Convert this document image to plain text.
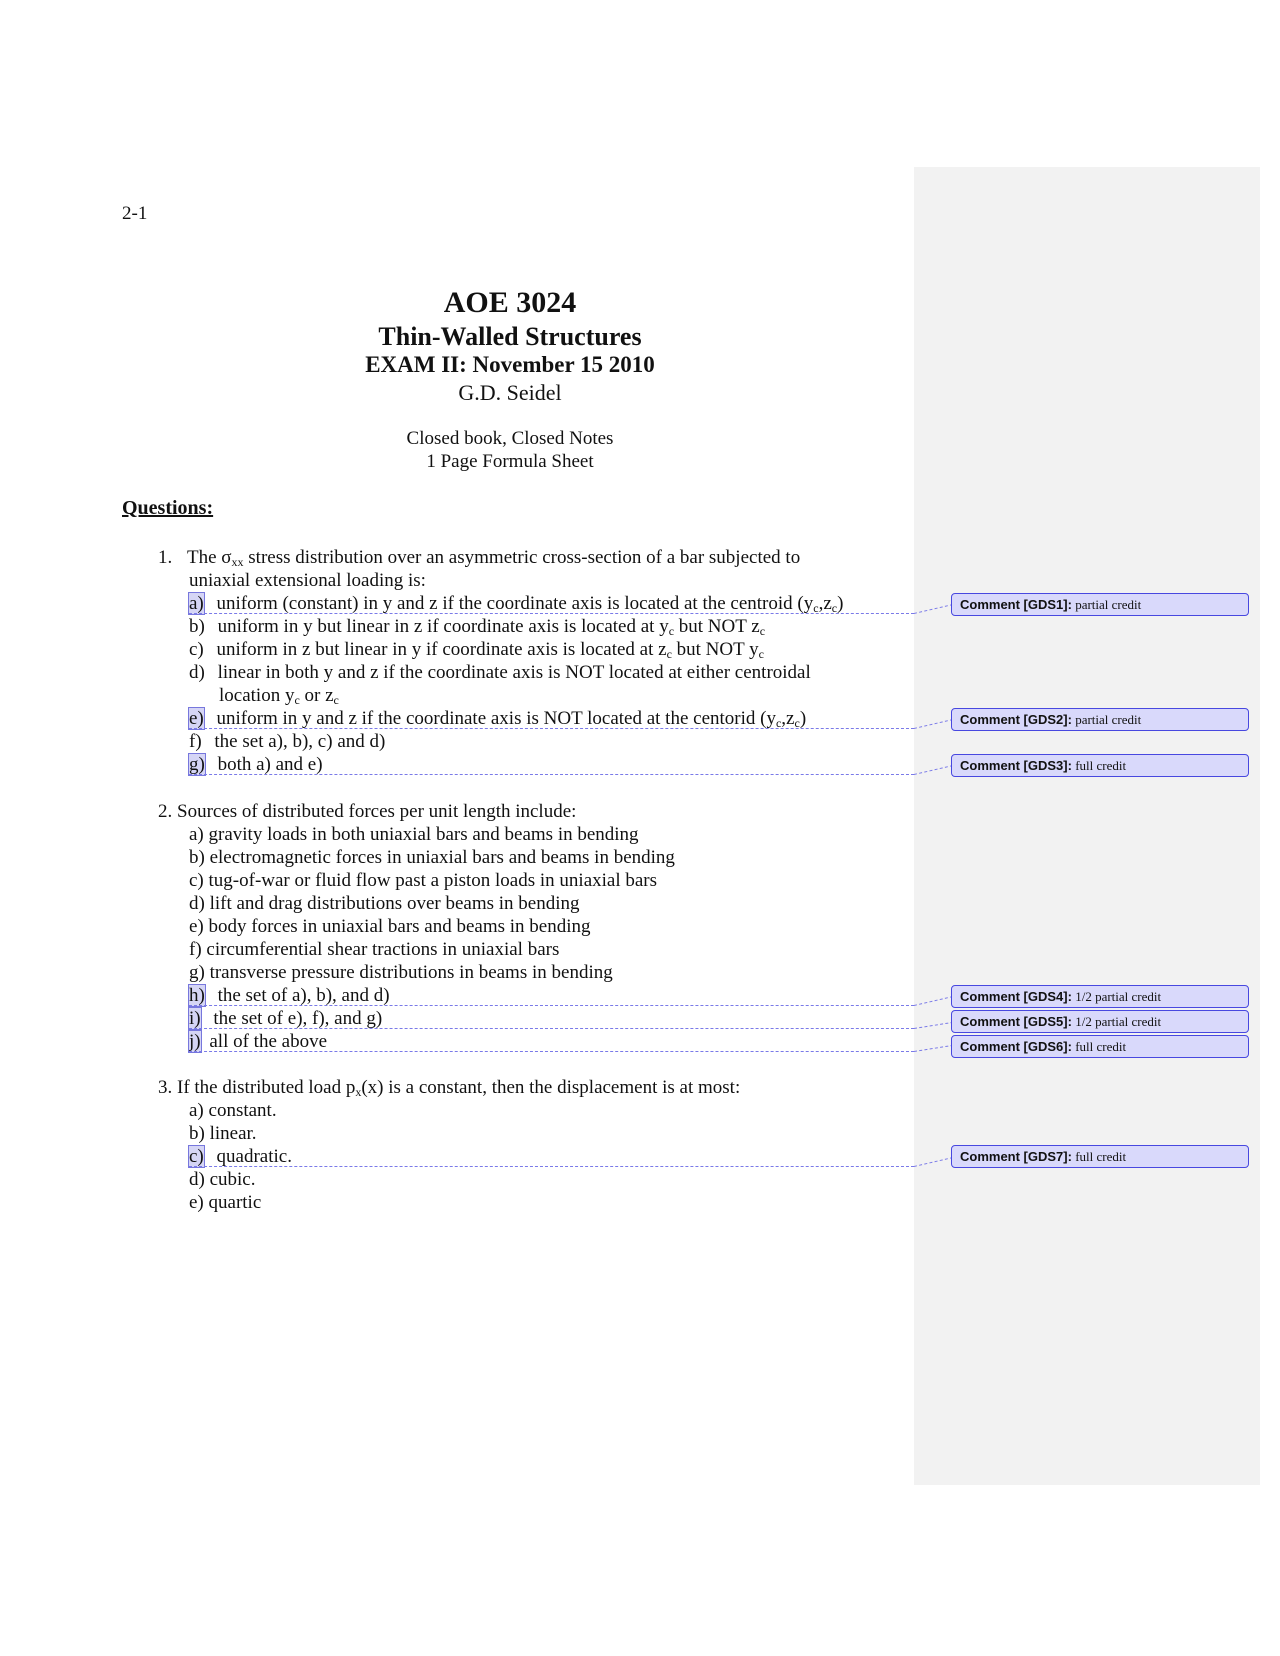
2-1
AOE 3024
Thin-Walled Structures
EXAM II: November 15 2010
G.D. Seidel
Closed book, Closed Notes
1 Page Formula Sheet
Questions:
1. The $\sigma_{xx}$ stress distribution over an asymmetric cross-section of a bar subjected to
uniaxial extensional loading is:
a) uniform (constant) in y and z if the coordinate axis is located at the centroid $(y_c,z_c)$
b) uniform in y but linear in z if coordinate axis is located at $y_c$ but NOT $z_c$
c) uniform in z but linear in y if coordinate axis is located at $z_c$ but NOT $y_c$
d) linear in both y and z if the coordinate axis is NOT located at either centroidal
location $y_c$ or $z_c$
e) uniform in y and z if the coordinate axis is NOT located at the centorid $(y_c,z_c)$
f) the set a), b), c) and d)
g) both a) and e)
2. Sources of distributed forces per unit length include:
a) gravity loads in both uniaxial bars and beams in bending
b) electromagnetic forces in uniaxial bars and beams in bending
c) tug-of-war or fluid flow past a piston loads in uniaxial bars
d) lift and drag distributions over beams in bending
e) body forces in uniaxial bars and beams in bending
f) circumferential shear tractions in uniaxial bars
g) transverse pressure distributions in beams in bending
h) the set of a), b), and d)
i) the set of e), f), and g)
j) all of the above
3. If the distributed load $p_x(x)$ is a constant, then the displacement is at most:
a) constant.
b) linear.
c) quadratic.
d) cubic.
e) quartic
Comment [GDS1]: partial credit
Comment [GDS2]: partial credit
Comment [GDS3]: full credit
Comment [GDS4]: 1/2 partial credit
Comment [GDS5]: 1/2 partial credit
Comment [GDS6]: full credit
Comment [GDS7]: full credit
